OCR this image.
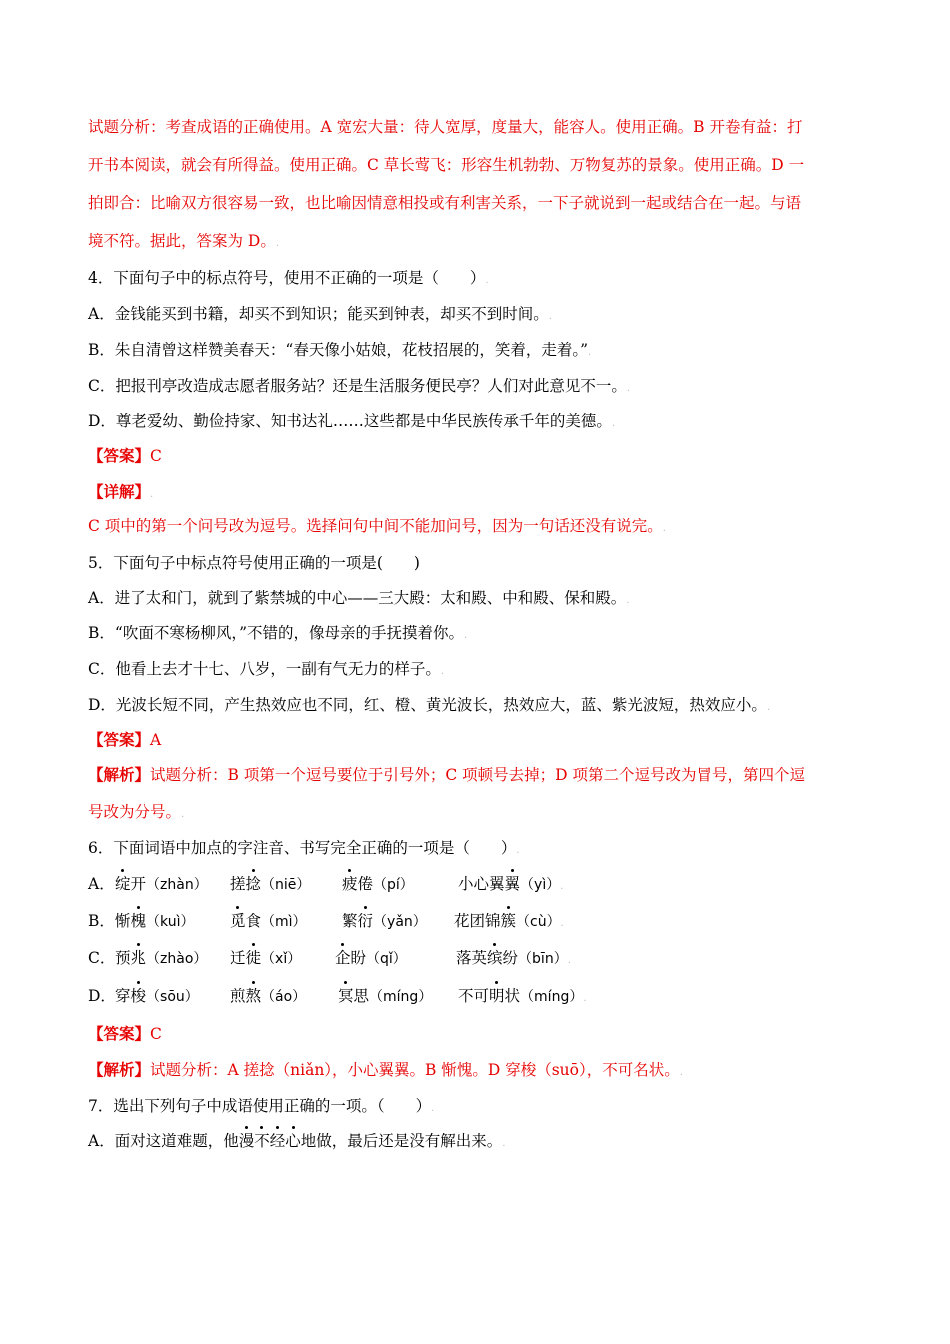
试题分析：考查成语的正确使用。A 宽宏大量：待人宽厚，度量大，能容人。使用正确。B 开卷有益：打
开书本阅读，就会有所得益。使用正确。C 草长莺飞：形容生机勃勃、万物复苏的景象。使用正确。D 一
拍即合：比喻双方很容易一致，也比喻因情意相投或有利害关系，一下子就说到一起或结合在一起。与语
境不符。据此，答案为 D。.
4．下面句子中的标点符号，使用不正确的一项是（　　）.
A．金钱能买到书籍，却买不到知识；能买到钟表，却买不到时间。.
B．朱自清曾这样赞美春天：“春天像小姑娘，花枝招展的，笑着，走着。”.
C．把报刊亭改造成志愿者服务站？还是生活服务便民亭？人们对此意见不一。.
D．尊老爱幼、勤俭持家、知书达礼……这些都是中华民族传承千年的美德。.
【答案】C
【详解】.
C 项中的第一个问号改为逗号。选择问句中间不能加问号，因为一句话还没有说完。.
5．下面句子中标点符号使用正确的一项是(　　)
A．进了太和门，就到了紫禁城的中心——三大殿：太和殿、中和殿、保和殿。.
B．“吹面不寒杨柳风，”不错的，像母亲的手抚摸着你。.
C．他看上去才十七、八岁，一副有气无力的样子。.
D．光波长短不同，产生热效应也不同，红、橙、黄光波长，热效应大，蓝、紫光波短，热效应小。.
【答案】A
【解析】试题分析：B 项第一个逗号要位于引号外；C 项顿号去掉；D 项第二个逗号改为冒号，第四个逗
号改为分号。.
6．下面词语中加点的字注音、书写完全正确的一项是（　　）.
A． 绽开（zhàn） 搓捻（niē） 疲倦（pí）	小心翼翼（yì）.
B． 惭槐（kuì） 觅食（mì） 繁衍（yǎn） 花团锦簇（cù）.
C． 预兆（zhào） 迁徙（xǐ） 企盼（qǐ）	落英缤纷（bīn）.
D． 穿梭（sōu） 煎熬（áo） 冥思（míng） 不可明状（míng）.
【答案】C
【解析】试题分析：A 搓捻（niǎn），小心翼翼。B 惭愧。D 穿梭（suō），不可名状。.
7．选出下列句子中成语使用正确的一项。（　　）.
A．面对这道难题，他漫不经心地做，最后还是没有解出来。.
